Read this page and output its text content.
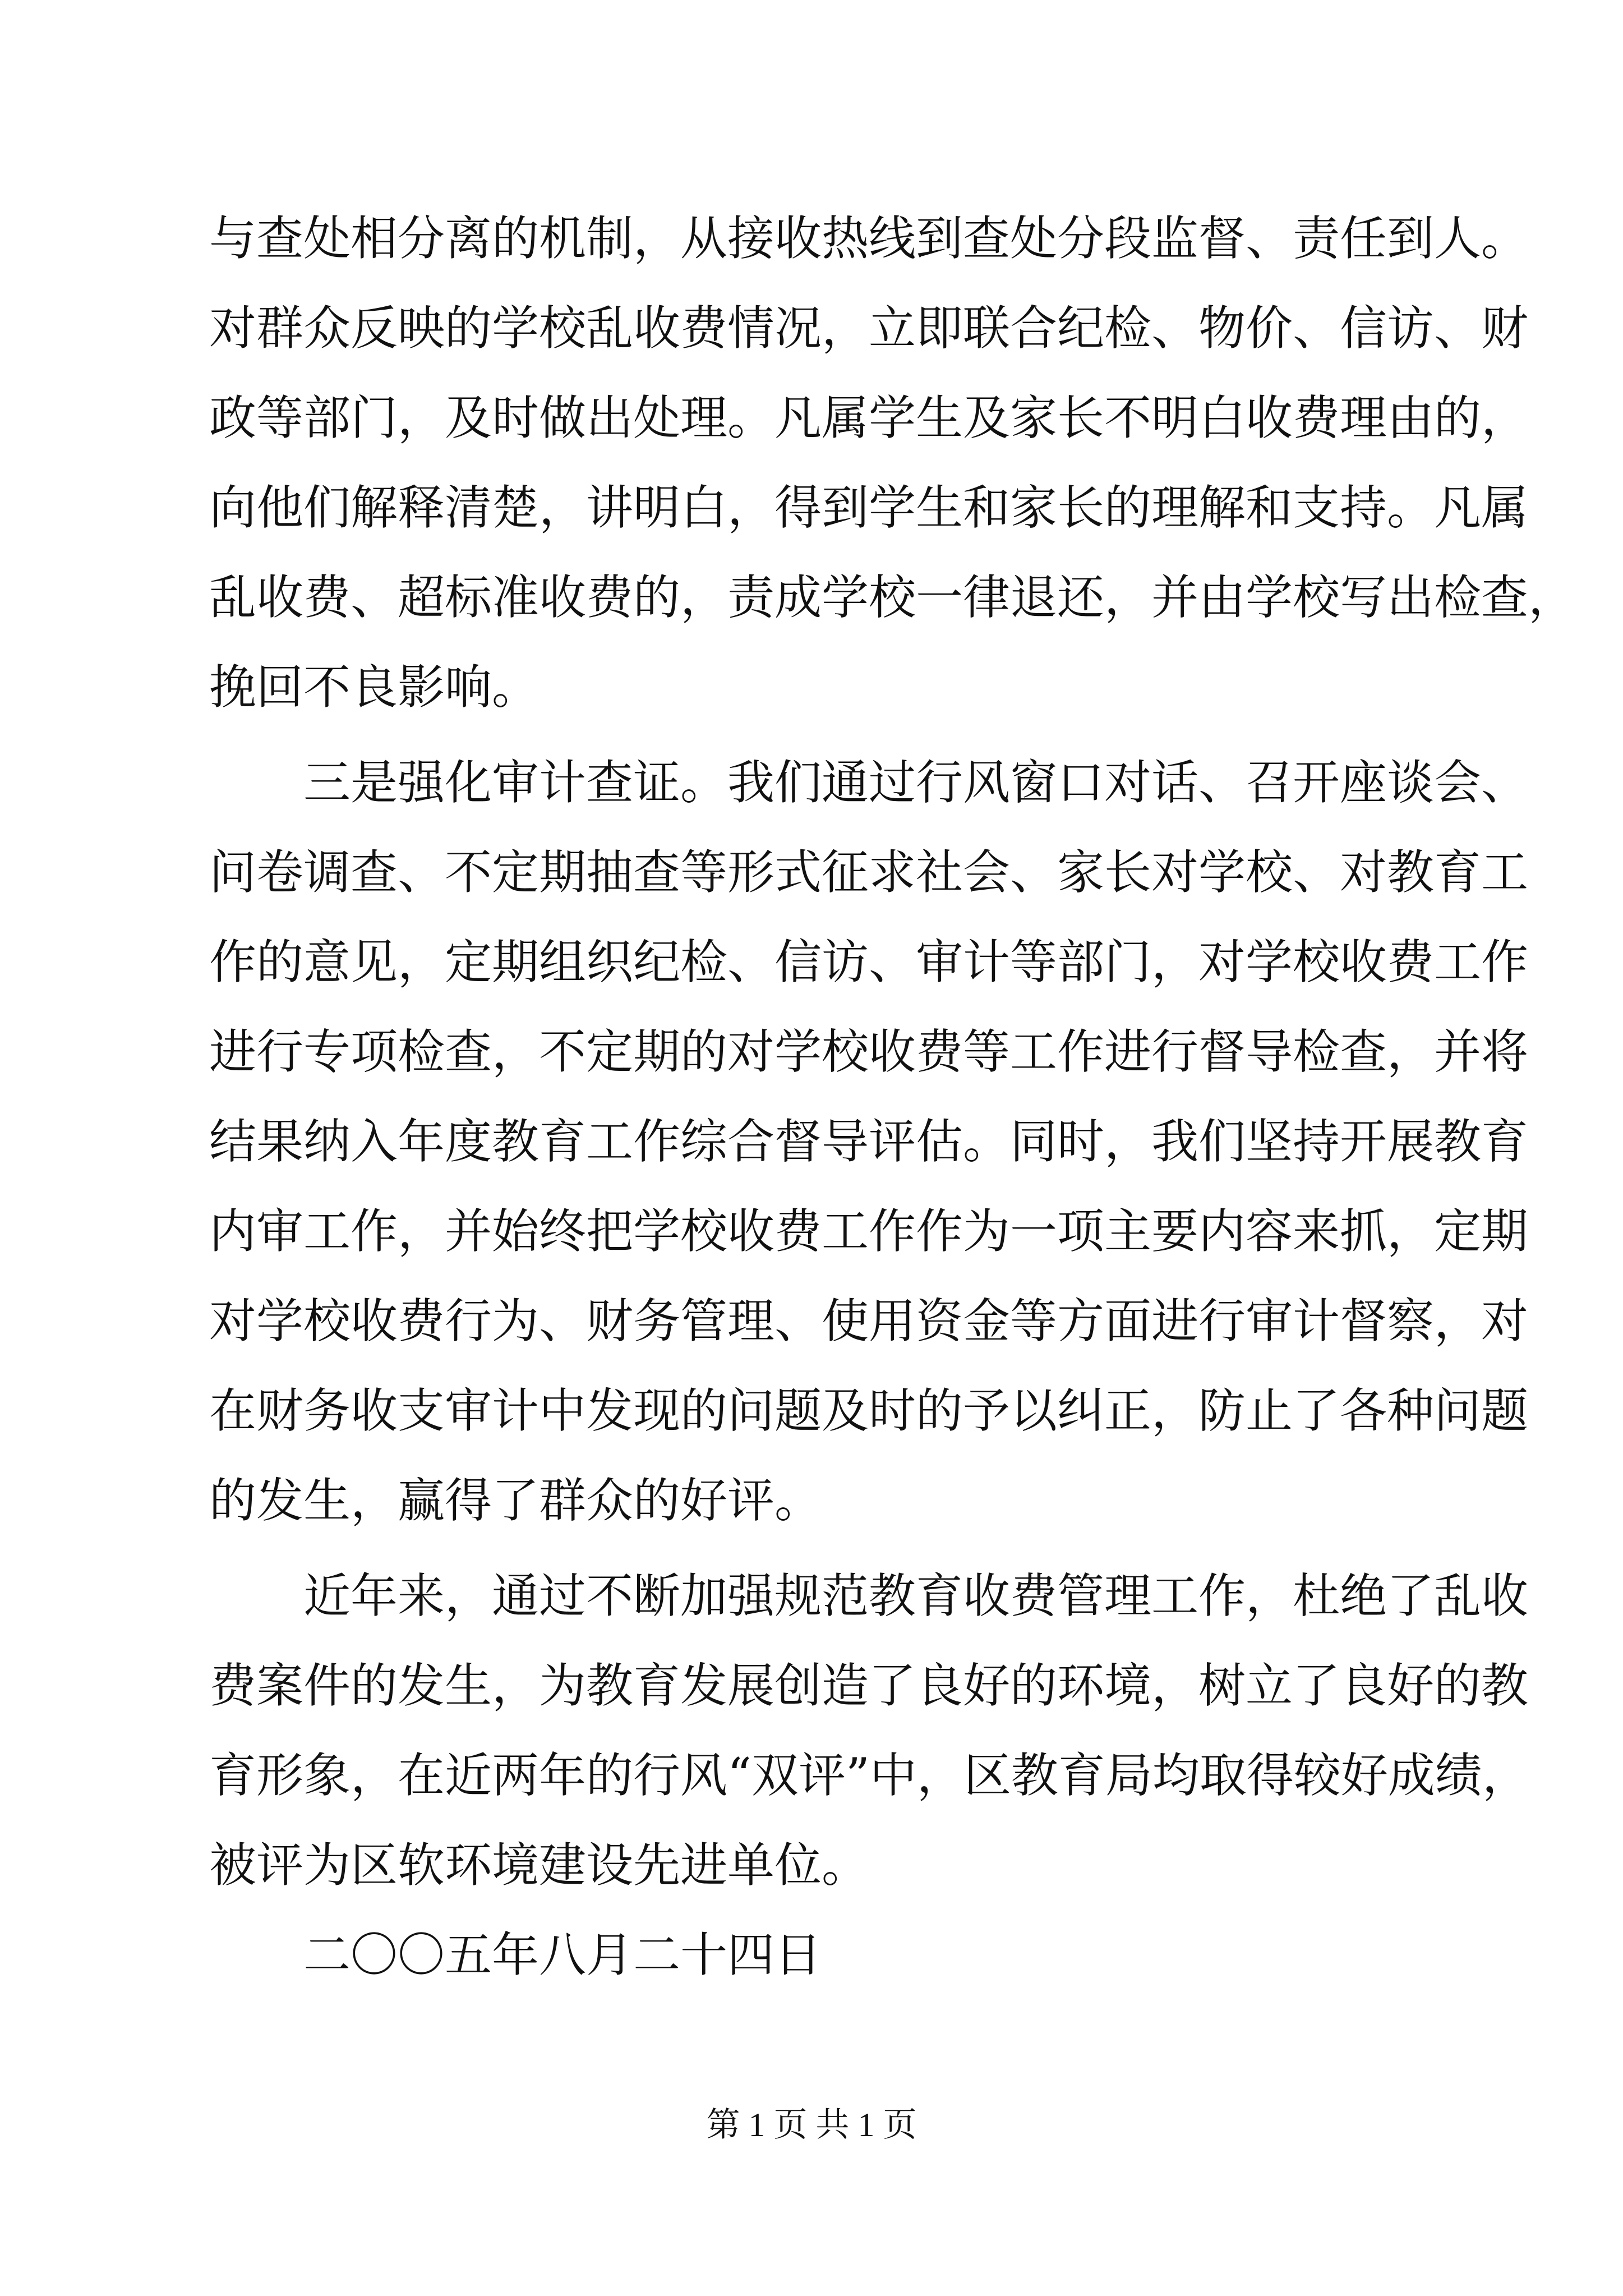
与查处相分离的机制，从接收热线到查处分段监督、责任到人。
对群众反映的学校乱收费情况，立即联合纪检、物价、信访、财
政等部门，及时做出处理。凡属学生及家长不明白收费理由的，
向他们解释清楚，讲明白，得到学生和家长的理解和支持。凡属
乱收费、超标准收费的，责成学校一律退还，并由学校写出检查，
挽回不良影响。
三是强化审计查证。我们通过行风窗口对话、召开座谈会、
问卷调查、不定期抽查等形式征求社会、家长对学校、对教育工
作的意见，定期组织纪检、信访、审计等部门，对学校收费工作
进行专项检查，不定期的对学校收费等工作进行督导检查，并将
结果纳入年度教育工作综合督导评估。同时，我们坚持开展教育
内审工作，并始终把学校收费工作作为一项主要内容来抓，定期
对学校收费行为、财务管理、使用资金等方面进行审计督察，对
在财务收支审计中发现的问题及时的予以纠正，防止了各种问题
的发生，赢得了群众的好评。
近年来，通过不断加强规范教育收费管理工作，杜绝了乱收
费案件的发生，为教育发展创造了良好的环境，树立了良好的教
育形象，在近两年的行风“双评”中，区教育局均取得较好成绩，
被评为区软环境建设先进单位。
二〇〇五年八月二十四日
第 1 页 共 1 页
